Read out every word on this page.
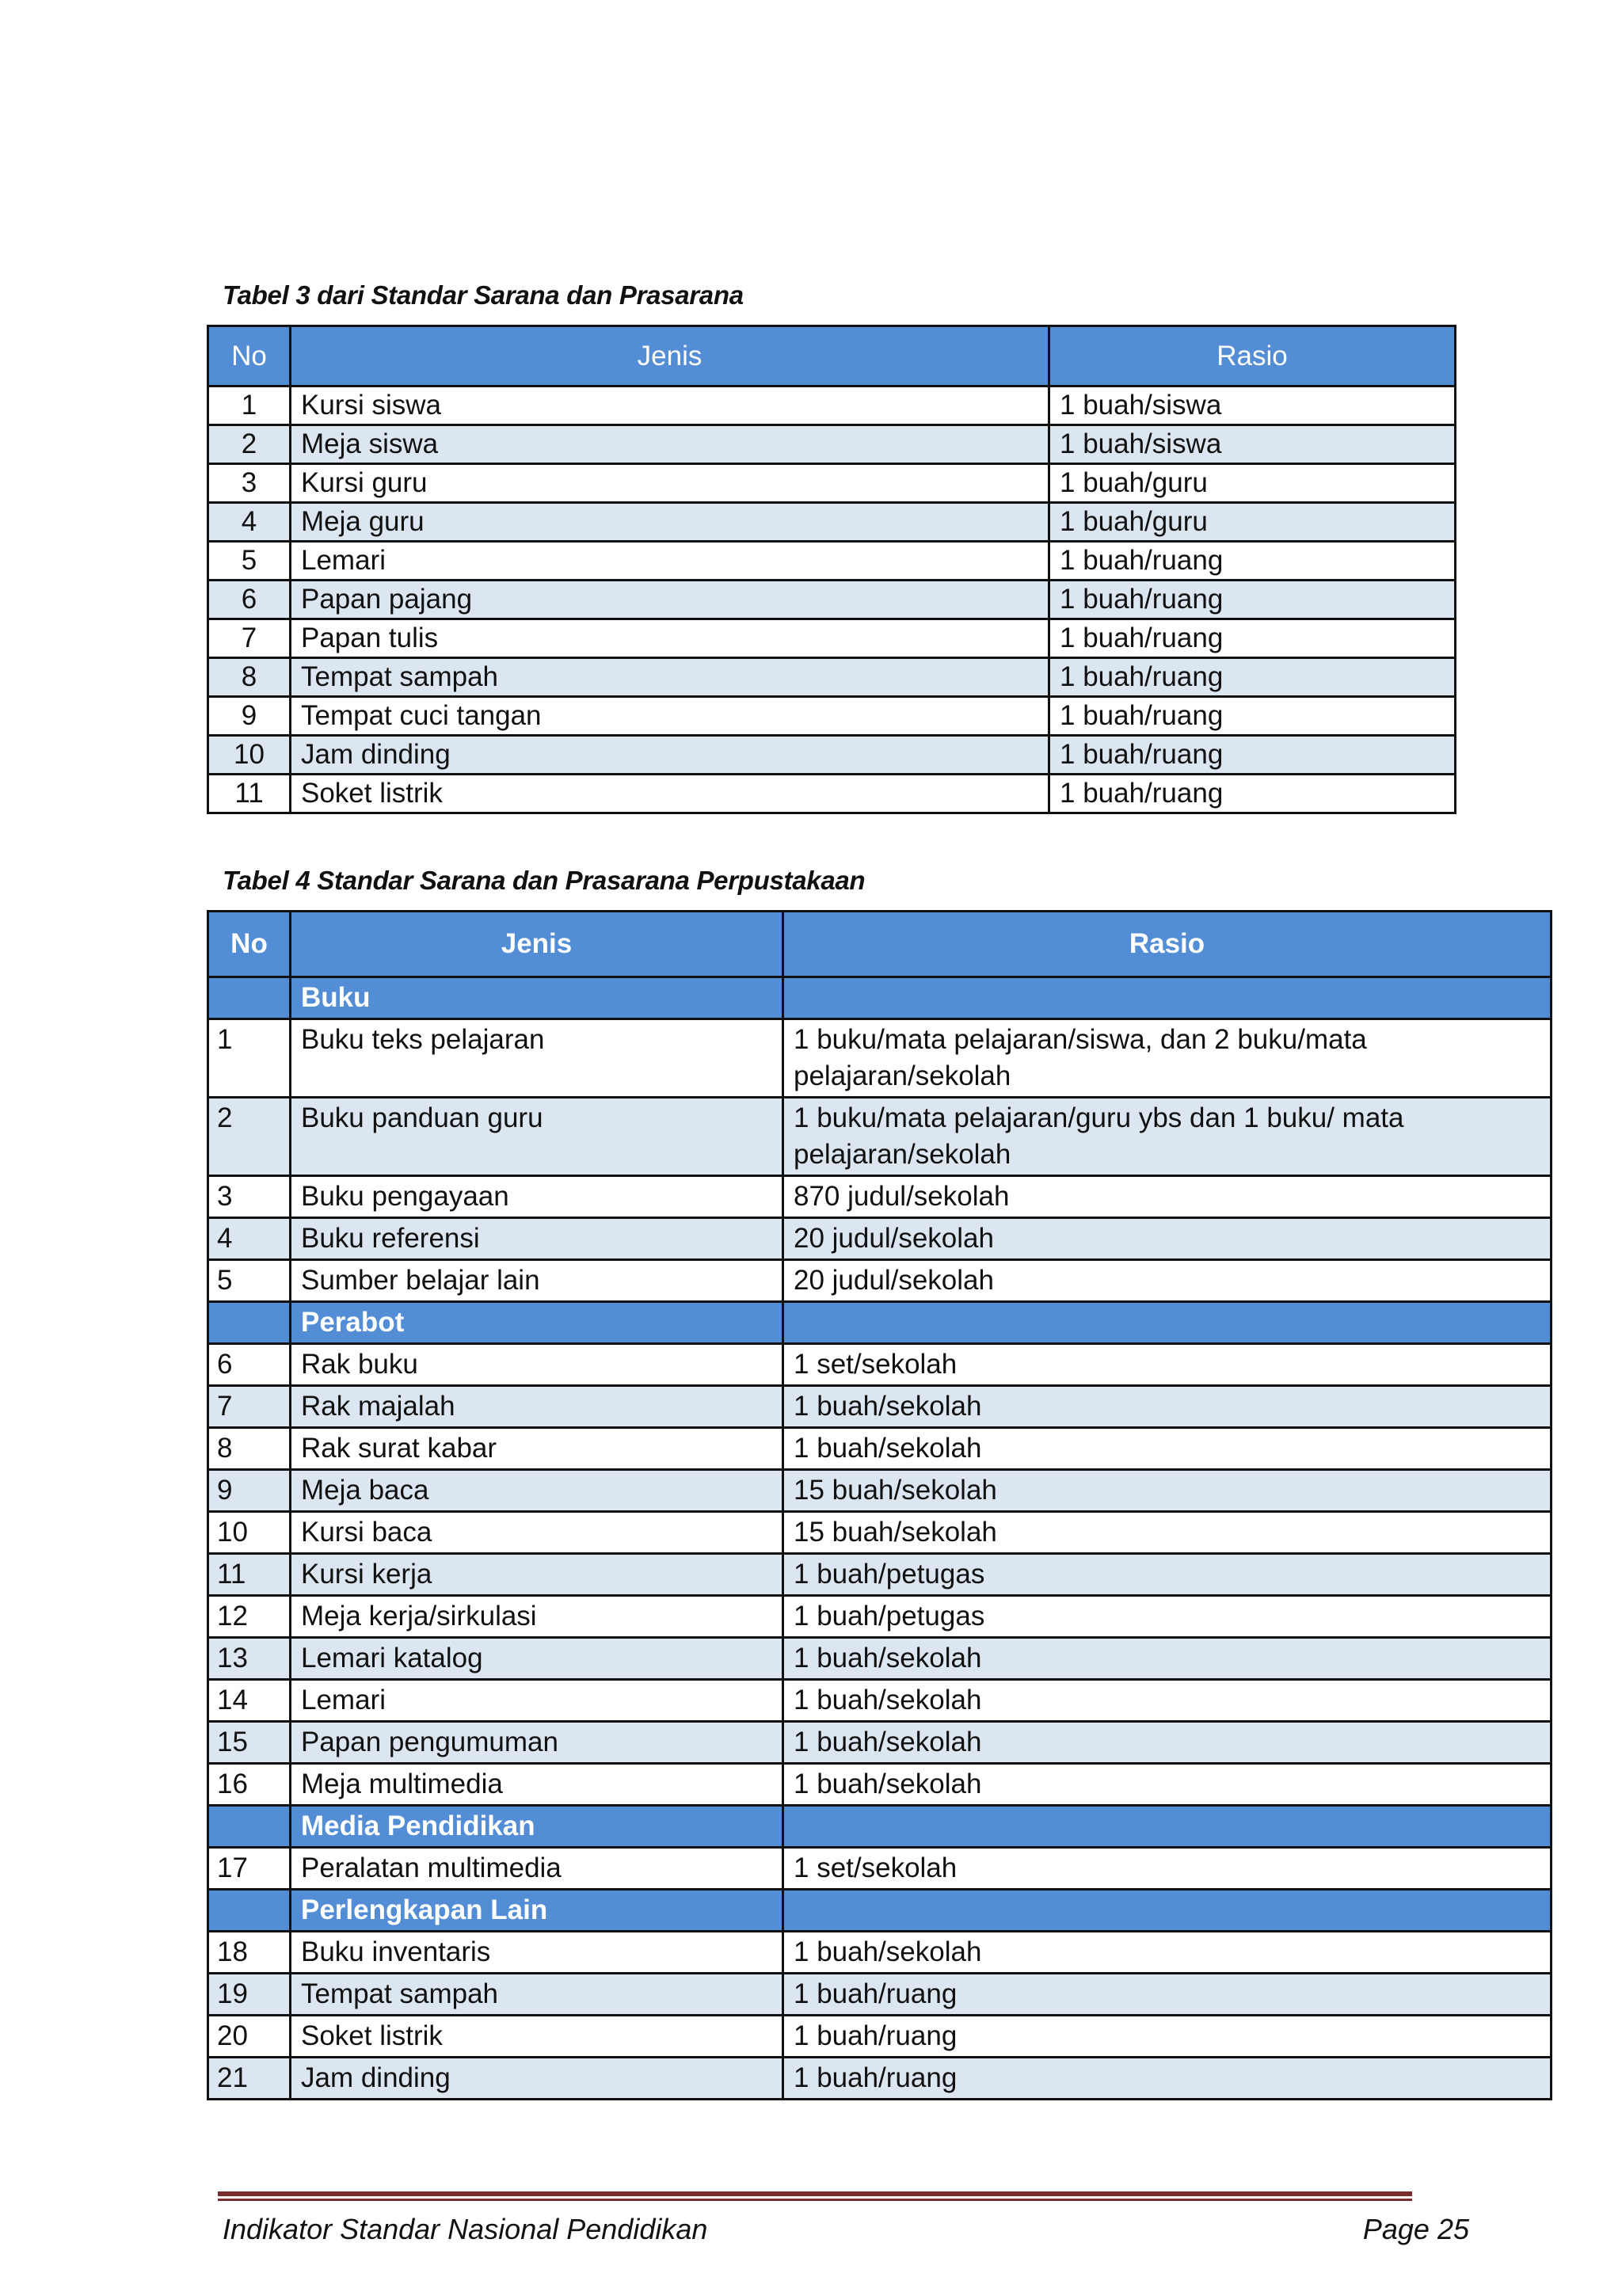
Tabel 3 dari Standar Sarana dan Prasarana

No	Jenis	Rasio
1	Kursi siswa	1 buah/siswa
2	Meja siswa	1 buah/siswa
3	Kursi guru	1 buah/guru
4	Meja guru	1 buah/guru
5	Lemari	1 buah/ruang
6	Papan pajang	1 buah/ruang
7	Papan tulis	1 buah/ruang
8	Tempat sampah	1 buah/ruang
9	Tempat cuci tangan	1 buah/ruang
10	Jam dinding	1 buah/ruang
11	Soket listrik	1 buah/ruang

Tabel 4 Standar Sarana dan Prasarana Perpustakaan

No	Jenis	Rasio
	Buku	
1	Buku teks pelajaran	1 buku/mata pelajaran/siswa, dan 2 buku/mata pelajaran/sekolah
2	Buku panduan guru	1 buku/mata pelajaran/guru ybs dan 1 buku/ mata pelajaran/sekolah
3	Buku pengayaan	870 judul/sekolah
4	Buku referensi	20 judul/sekolah
5	Sumber belajar lain	20 judul/sekolah
	Perabot	
6	Rak buku	1 set/sekolah
7	Rak majalah	1 buah/sekolah
8	Rak surat kabar	1 buah/sekolah
9	Meja baca	15 buah/sekolah
10	Kursi baca	15 buah/sekolah
11	Kursi kerja	1 buah/petugas
12	Meja kerja/sirkulasi	1 buah/petugas
13	Lemari katalog	1 buah/sekolah
14	Lemari	1 buah/sekolah
15	Papan pengumuman	1 buah/sekolah
16	Meja multimedia	1 buah/sekolah
	Media Pendidikan	
17	Peralatan multimedia	1 set/sekolah
	Perlengkapan Lain	
18	Buku inventaris	1 buah/sekolah
19	Tempat sampah	1 buah/ruang
20	Soket listrik	1 buah/ruang
21	Jam dinding	1 buah/ruang
Indikator Standar Nasional Pendidikan	Page 25
